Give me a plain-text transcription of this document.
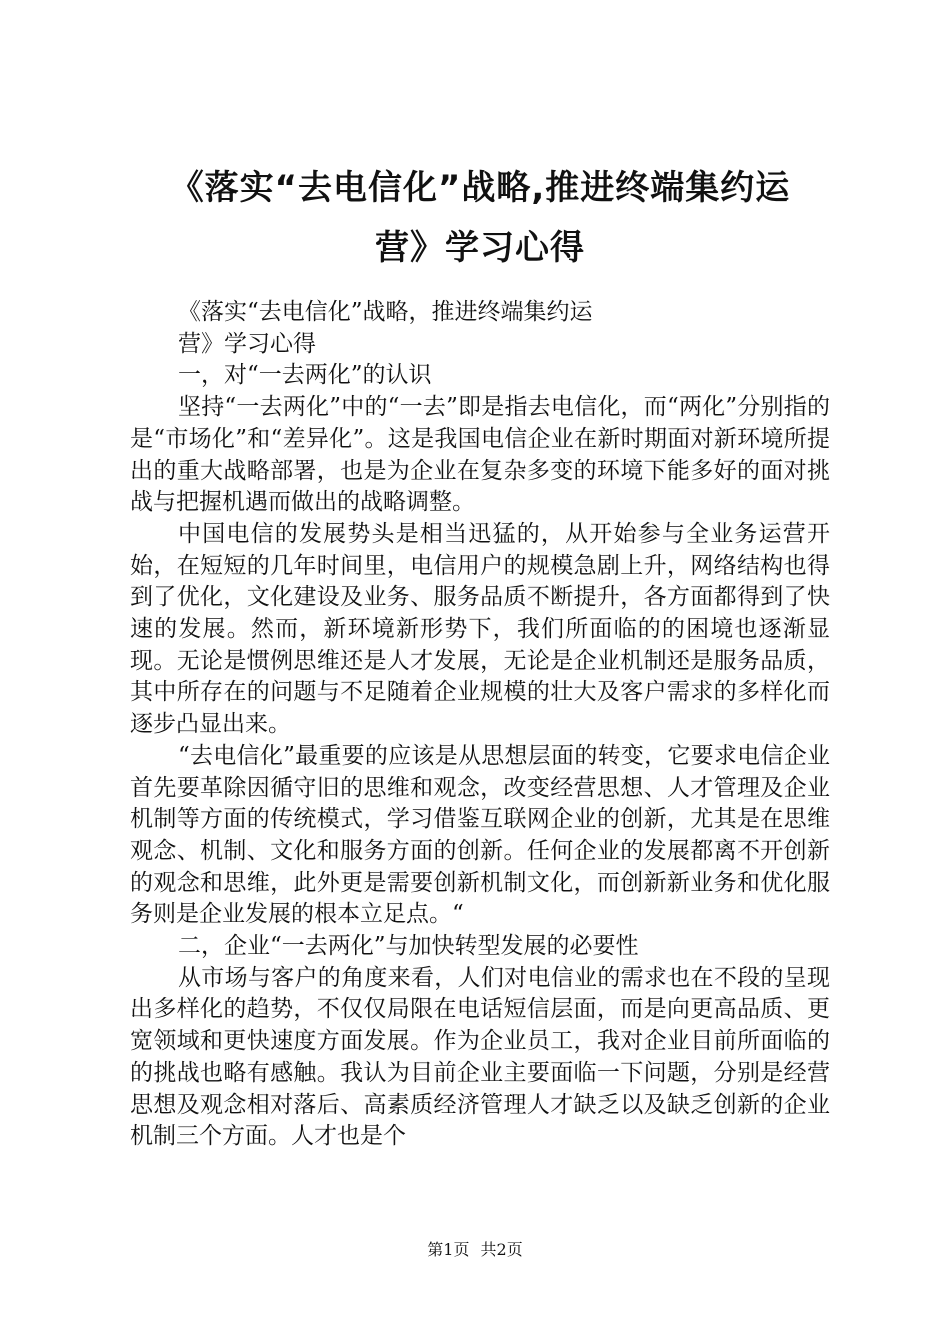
《落实“去电信化”战略,推进终端集约运
营》学习心得

《落实“去电信化”战略，推进终端集约运

营》学习心得

一，对“一去两化”的认识

坚持“一去两化”中的“一去”即是指去电信化，而“两化”分别指的是“市场化”和“差异化”。这是我国电信企业在新时期面对新环境所提出的重大战略部署，也是为企业在复杂多变的环境下能多好的面对挑战与把握机遇而做出的战略调整。

中国电信的发展势头是相当迅猛的，从开始参与全业务运营开始，在短短的几年时间里，电信用户的规模急剧上升，网络结构也得到了优化，文化建设及业务、服务品质不断提升，各方面都得到了快速的发展。然而，新环境新形势下，我们所面临的的困境也逐渐显现。无论是惯例思维还是人才发展，无论是企业机制还是服务品质，其中所存在的问题与不足随着企业规模的壮大及客户需求的多样化而逐步凸显出来。

“去电信化”最重要的应该是从思想层面的转变，它要求电信企业首先要革除因循守旧的思维和观念，改变经营思想、人才管理及企业机制等方面的传统模式，学习借鉴互联网企业的创新，尤其是在思维观念、机制、文化和服务方面的创新。任何企业的发展都离不开创新的观念和思维，此外更是需要创新机制文化，而创新新业务和优化服务则是企业发展的根本立足点。“

二，企业“一去两化”与加快转型发展的必要性

从市场与客户的角度来看，人们对电信业的需求也在不段的呈现出多样化的趋势，不仅仅局限在电话短信层面，而是向更高品质、更宽领域和更快速度方面发展。作为企业员工，我对企业目前所面临的的挑战也略有感触。我认为目前企业主要面临一下问题，分别是经营思想及观念相对落后、高素质经济管理人才缺乏以及缺乏创新的企业机制三个方面。人才也是个

第1页 共2页
